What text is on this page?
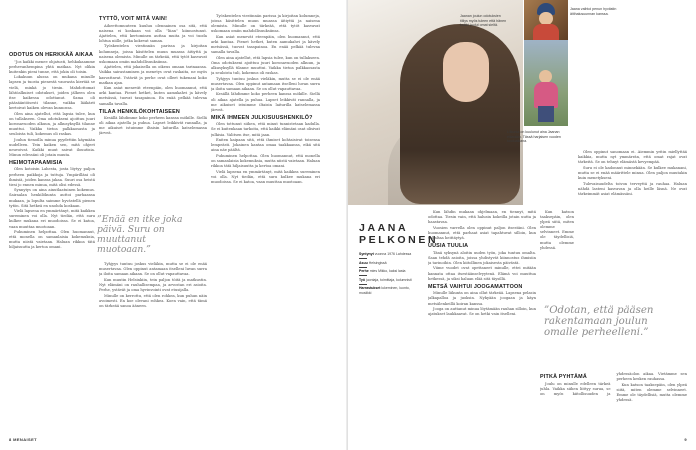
ODOTUS ON HERKKÄÄ AIKAA

”Jos kaikki menee ohjatusti, hehkukaamme perhevanhempina yhtä matkaa. Nyt olikin kuitenkin pieni tunne, että jokin oli toisin.

Lokakuun alussa on mukana minulle lapsen ja tuosta pienestä vauvasta kiertää se vielä, minkä jo tiesin. Mahdottomat lähtöalkuiset odotukset, joiden jälkeen olen itse kaikessa odottanut. Sama oli pääsääntöisesti tilanne, vaikka lääkärit kertoivat kaiken olevan kunnossa.

Olen aina ajatellut, että lapsia tulee, kun on tullakseen. Oma odotukseni ajoittuu juuri koronavuoden alkuun, ja alkusyksyllä tilanne muuttui. Vaikka tietoa palkkaosasta ja seuloista tuli, kokemus oli raskas.

Joulun tienoilla minua pyydettiin käymään uudelleen. Tein kaiken sen, mitä ohjeet neuvoivat. Kaikki muut saivat ilouutisia. Minun edessäni oli jotain muuta.

HEIMOTAPAAMISIA

Olen kotoisin Lahesta, josta löytyy paljon perheen paikkoja ja tuttuja. Ympärilläni oli ihmisiä, joiden kanssa jakaa. Suuri osa heistä tiesi jo ennen minua, mitä olisi edessä.

Synnytys on aina ainutlaatuinen kokemus. Sairaalan henkilökunta auttoi parhaansa mukaan, ja lopulta saimme hyvästellä pienen tytön. Sitä hetkeä en unohda koskaan.

Vielä lapsena en ymmärtänyt, mitä kaikkea sureminen voi olla. Nyt tiedän, että suru kulkee mukana eri muodoissa. Se ei katoa, vaan muuttaa muotoaan.

Puhuminen helpottaa. Olen huomannut, että monella on samanlaisia kokemuksia, mutta niistä vaietaan. Haluan rikkoa tätä hiljaisuutta ja kertoa omani.

TYTTÖ, VOIT MITÄ VAIN!

Aiheettomuuteen kuuluu olennainen osa sitä, että naisena ei koskaan voi olla ”liian” kiinnostunut. Ajattelen, että kertominen auttaa muita ja voi tuoda lohtua niille, jotka kokevat saman.

Työskentelen viestinnän parissa ja kirjoitan kolumneja, joissa käsittelen muun muassa äitiyttä ja naisena olemista. Minulle on tärkeää, että tytöt kasvavat uskomaan omiin mahdollisuuksiinsa.

Ajattelen, että jokaisella on oikeus omaan tarinaansa. Vaikka sairastaminen ja menetys ovat raskaita, ne myös kasvattavat. Ystävät ja perhe ovat olleet tukenani koko matkan ajan.

Kun asiat menevät eteenpäin, olen huomannut, että arki kantaa. Pienet hetket, kuten aamukahvi ja kävely metsässä, tuovat tasapainoa. En enää pelkää tulevaa samalla tavalla.

TILAA HENKILÖKOHTAISEEN

Kesällä lähdimme koko perheen kanssa mökille. Siellä oli aikaa ajatella ja puhua. Lapset leikkivät rannalla, ja me aikuiset istuimme iltaisin laiturilla katselemassa järveä.

”Enää en itke joka päivä. Suru on muuttanut muotoaan.”

Tyhjyys tuntuu joskus vieläkin, mutta se ei ole enää musertavaa. Olen oppinut antamaan itselleni luvan surra ja iloita samaan aikaan. Se on ollut vapauttavaa.

Kun muutin Helsinkiin, tein paljon töitä ja matkustin. Nyt elämäni on rauhallisempaa, ja arvostan eri asioita. Perhe, ystävät ja oma hyvinvointi ovat etusijalla.

Minulle on kerrottu, että olen rohkea, kun puhun näin avoimesti. En koe olevani rohkea. Koen vain, että tämä on tärkeää sanoa ääneen.

Työskentelen viestinnän parissa ja kirjoitan kolumneja, joissa käsittelen muun muassa äitiyttä ja naisena olemista. Minulle on tärkeää, että tytöt kasvavat uskomaan omiin mahdollisuuksiinsa.

Kun asiat menevät eteenpäin, olen huomannut, että arki kantaa. Pienet hetket, kuten aamukahvi ja kävely metsässä, tuovat tasapainoa. En enää pelkää tulevaa samalla tavalla.

Olen aina ajatellut, että lapsia tulee, kun on tullakseen. Oma odotukseni ajoittuu juuri koronavuoden alkuun, ja alkusyksyllä tilanne muuttui. Vaikka tietoa palkkaosasta ja seuloista tuli, kokemus oli raskas.

Tyhjyys tuntuu joskus vieläkin, mutta se ei ole enää musertavaa. Olen oppinut antamaan itselleni luvan surra ja iloita samaan aikaan. Se on ollut vapauttavaa.

Kesällä lähdimme koko perheen kanssa mökille. Siellä oli aikaa ajatella ja puhua. Lapset leikkivät rannalla, ja me aikuiset istuimme iltaisin laiturilla katselemassa järveä.

MIKÄ IHMEEN JULKISUUSHENKILÖ?

Olen tottunut siihen, että minut tunnistetaan kadulla. Se ei kuitenkaan tarkoita, että kaikki elämäni osat olisivat julkisia. Valitsen itse, mitä jaan.

Eniten kaipaan sitä, että ihmiset kohtaisivat toisensa lempeästi. Jokainen kantaa omaa taakkaansa, eikä sitä aina näe päältä.

Puhuminen helpottaa. Olen huomannut, että monella on samanlaisia kokemuksia, mutta niistä vaietaan. Haluan rikkoa tätä hiljaisuutta ja kertoa omani.

Vielä lapsena en ymmärtänyt, mitä kaikkea sureminen voi olla. Nyt tiedän, että suru kulkee mukana eri muodoissa. Se ei katoa, vaan muuttaa muotoaan.

8 MENAISET
Jaanan joulun odotuksien tiiliys myös tuleen että hänen kaikki joulut omat sieltä.
Jaana vaihtoi penun hyvästin äitihalusuunnan kanssa.
Lilkunta on kuulunut aina Jaanan elämään. Tässä harjaisen vuoden kouluaikana.
JAANA
PELKONEN
Syntynyt vuonna 1976 Lahdessa
Asuu Helsingissä
Perhe mies Mikko, kaksi lasta
Työ juontaja, toimittaja, kolumnisti
Harrastukset lukeminen, luonto, musiikki

Kun lähdin mukaan ohjelmaan, en tiennyt, mitä odottaa. Tiesin vain, että halusin kokeilla jotain uutta ja haastavaa.

Vuosien varrella olen oppinut paljon itsestäni. Olen huomannut, että parhaat asiat tapahtuvat silloin, kun uskaltaa heittäytyä.

UUSIA TUULIA

Tänä syksynä aloitin uuden työn, joka tuntuu omalta. Saan tehdä asioita, joissa yhdistyvät kiinnostus ihmisiin ja tarinoihin. Olen kiitollinen jokaisesta päivästä.

Viime vuodet ovat opettaneet minulle, ettei mitään kannata ottaa itsestäänselvyytenä. Elämä voi muuttua hetkessä, ja siksi haluan elää sitä täysillä.

METSÄ VAIHTUI JOOGAMATTOON

Minulle liikunta on aina ollut tärkeää. Lapsena pelasin jalkapalloa ja juoksin. Nykyään joogaan ja käyn metsälenkeillä koiran kanssa.

Jooga on auttanut minua löytämään rauhan silloin, kun ajatukset laukkaavat. Se on hetki vain itselleni.

Olen oppinut sanomaan ei. Aiemmin yritin miellyttää kaikkia, mutta nyt ymmärrän, että omat rajat ovat tärkeitä. Se on tehnyt elämästä kevyempää.

Suru ei ole kadonnut minnekään. Se kulkee mukanani, mutta se ei enää määrittele minua. Olen paljon muutakin kuin menetykseni.

Tulevaisuudelta toivon terveyttä ja rauhaa. Haluan nähdä lasteni kasvavan ja olla heille läsnä. Ne ovat tärkeimmät asiat elämässäni.

Kun katson taaksepäin, olen ylpeä siitä, miten olemme selvinneet. Emme ole täydellisiä, mutta olemme yhdessä.

”Odotan, että pääsen rakentamaan joulun omalle perheelleni.”
PITKÄ PYHTÄMÄ

Joulu on minulle edelleen tärkeä juhla. Vaikka siihen liittyy surua, se on myös kiitollisuuden ja yhdessäolon aikaa. Vietämme sen perheen kesken rauhassa.

Kun katson taaksepäin, olen ylpeä siitä, miten olemme selvinneet. Emme ole täydellisiä, mutta olemme yhdessä.

9
